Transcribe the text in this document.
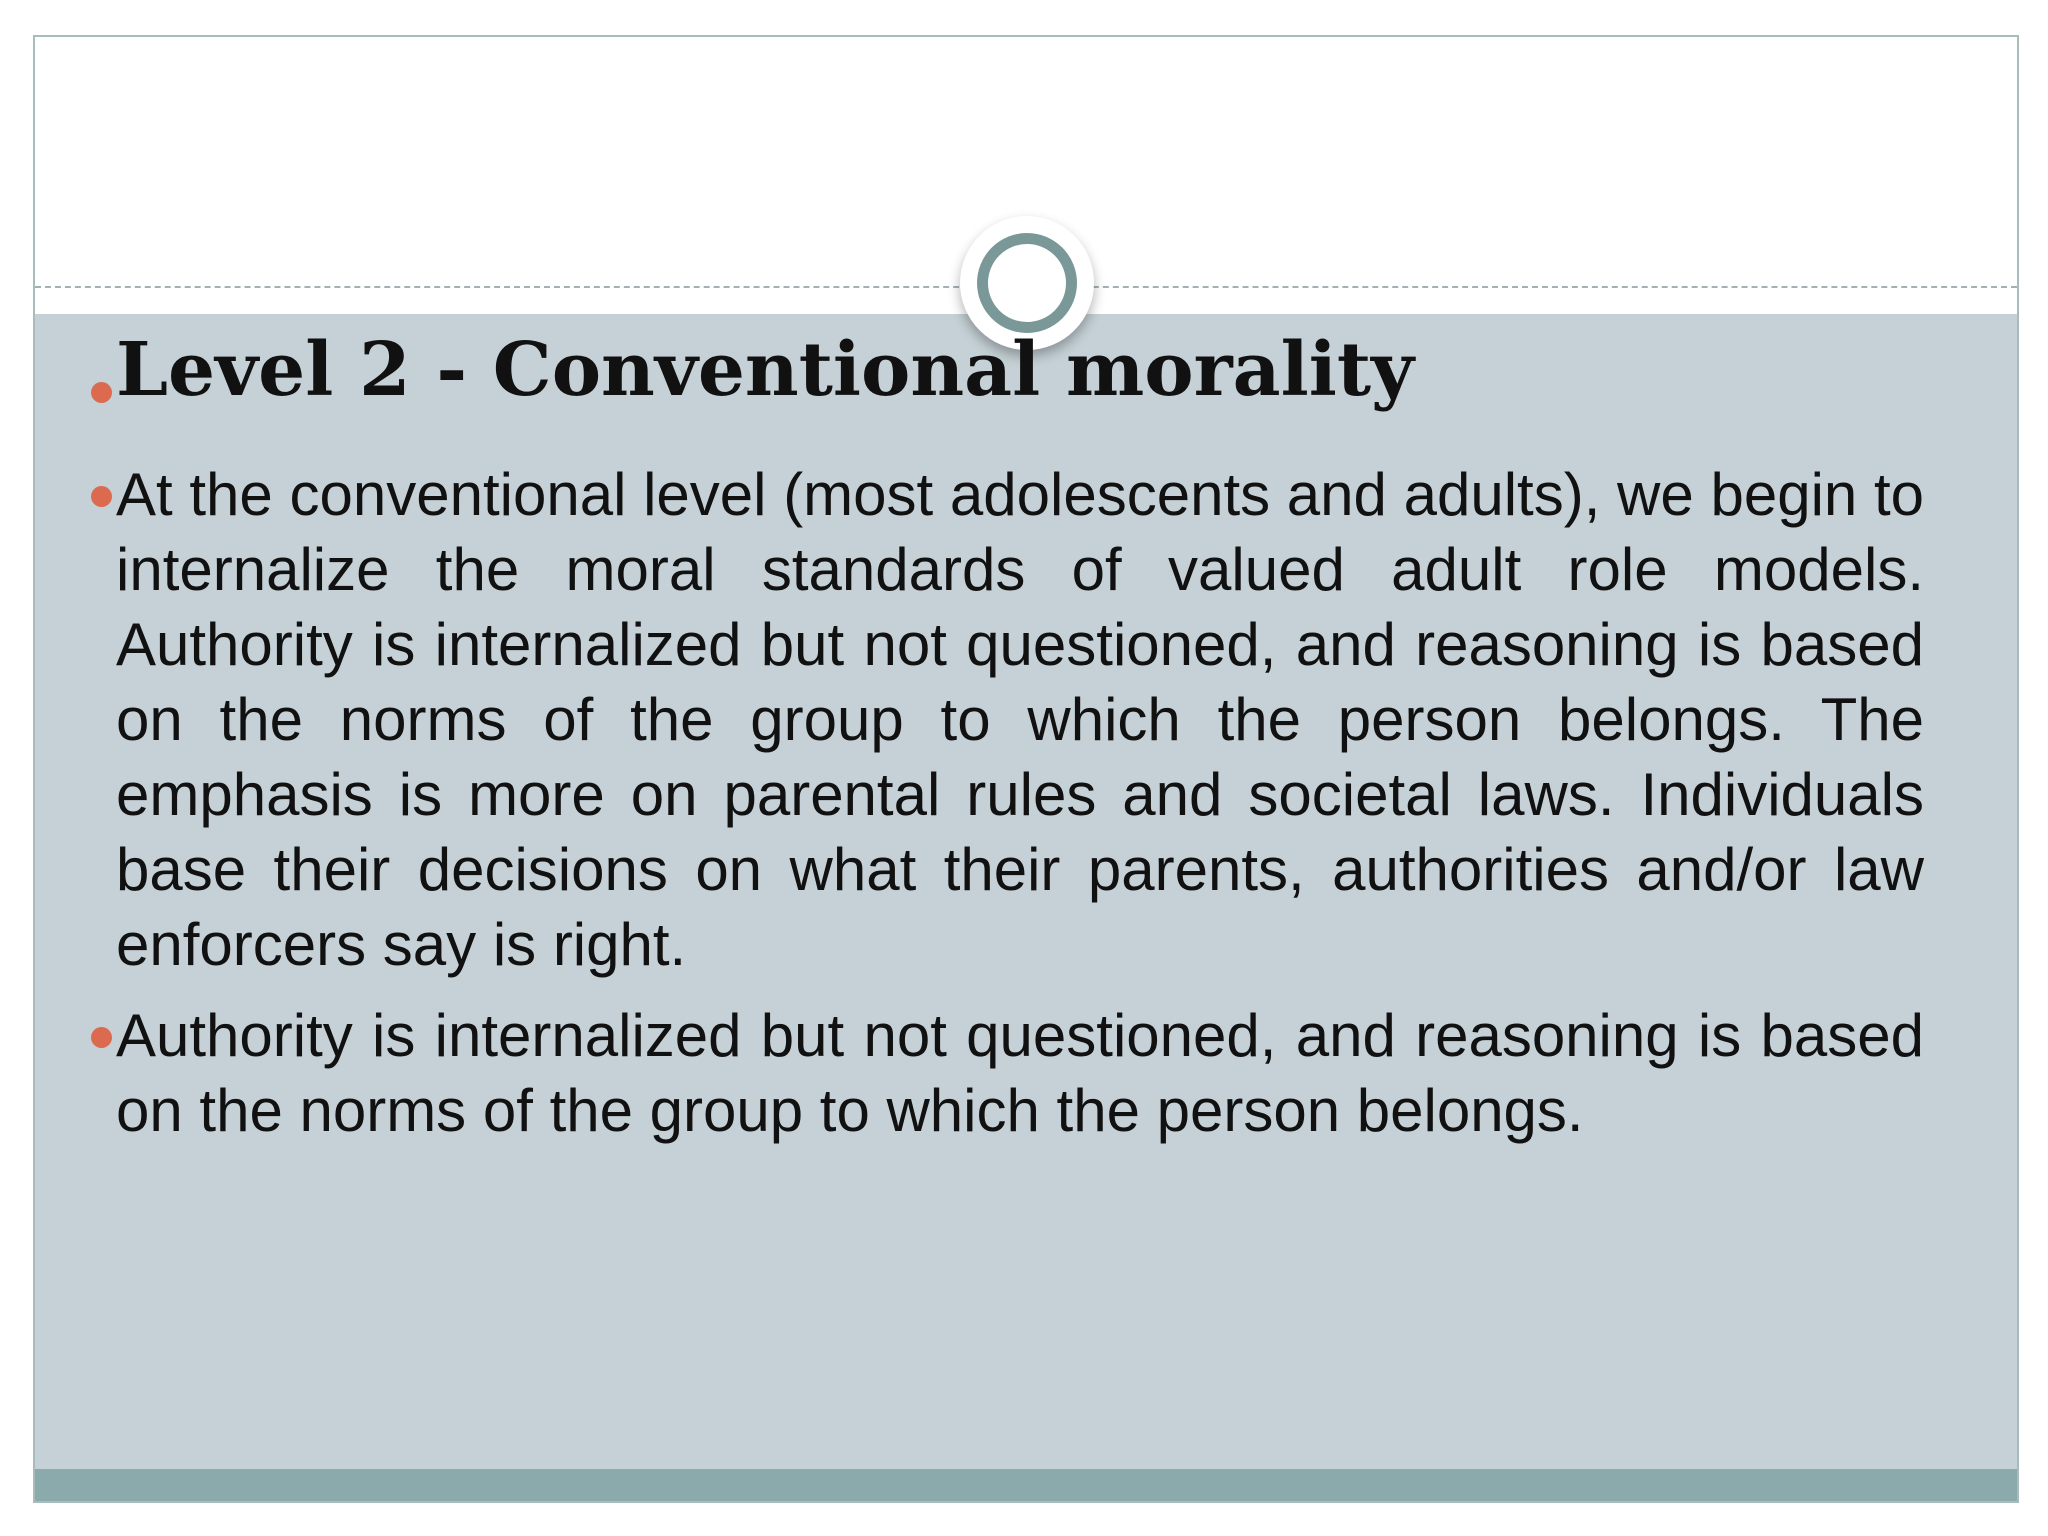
Level 2 - Conventional morality

At the conventional level (most adolescents and adults), we begin to internalize the moral standards of valued adult role models. Authority is internalized but not questioned, and reasoning is based on the norms of the group to which the person belongs. The emphasis is more on parental rules and societal laws. Individuals base their decisions on what their parents, authorities and/or law enforcers say is right.

Authority is internalized but not questioned, and reasoning is based on the norms of the group to which the person belongs.
